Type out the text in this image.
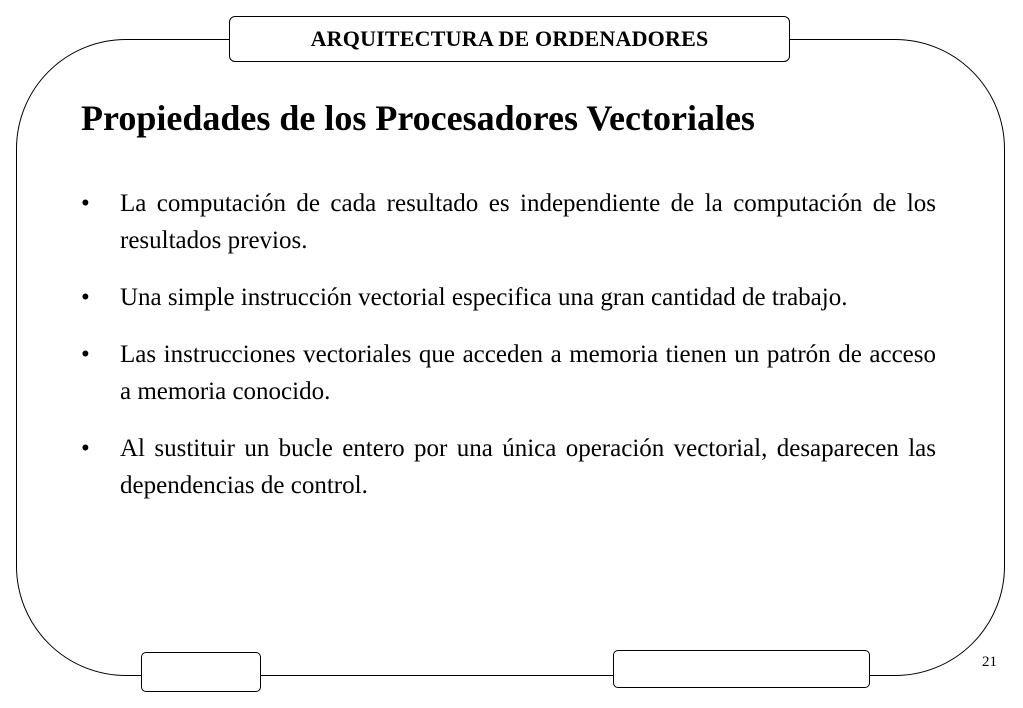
ARQUITECTURA DE ORDENADORES
Propiedades de los Procesadores Vectoriales
• La computación de cada resultado es independiente de la computación de los resultados previos.
• Una simple instrucción vectorial especifica una gran cantidad de trabajo.
• Las instrucciones vectoriales que acceden a memoria tienen un patrón de acceso a memoria conocido.
• Al sustituir un bucle entero por una única operación vectorial, desaparecen las dependencias de control.
21
